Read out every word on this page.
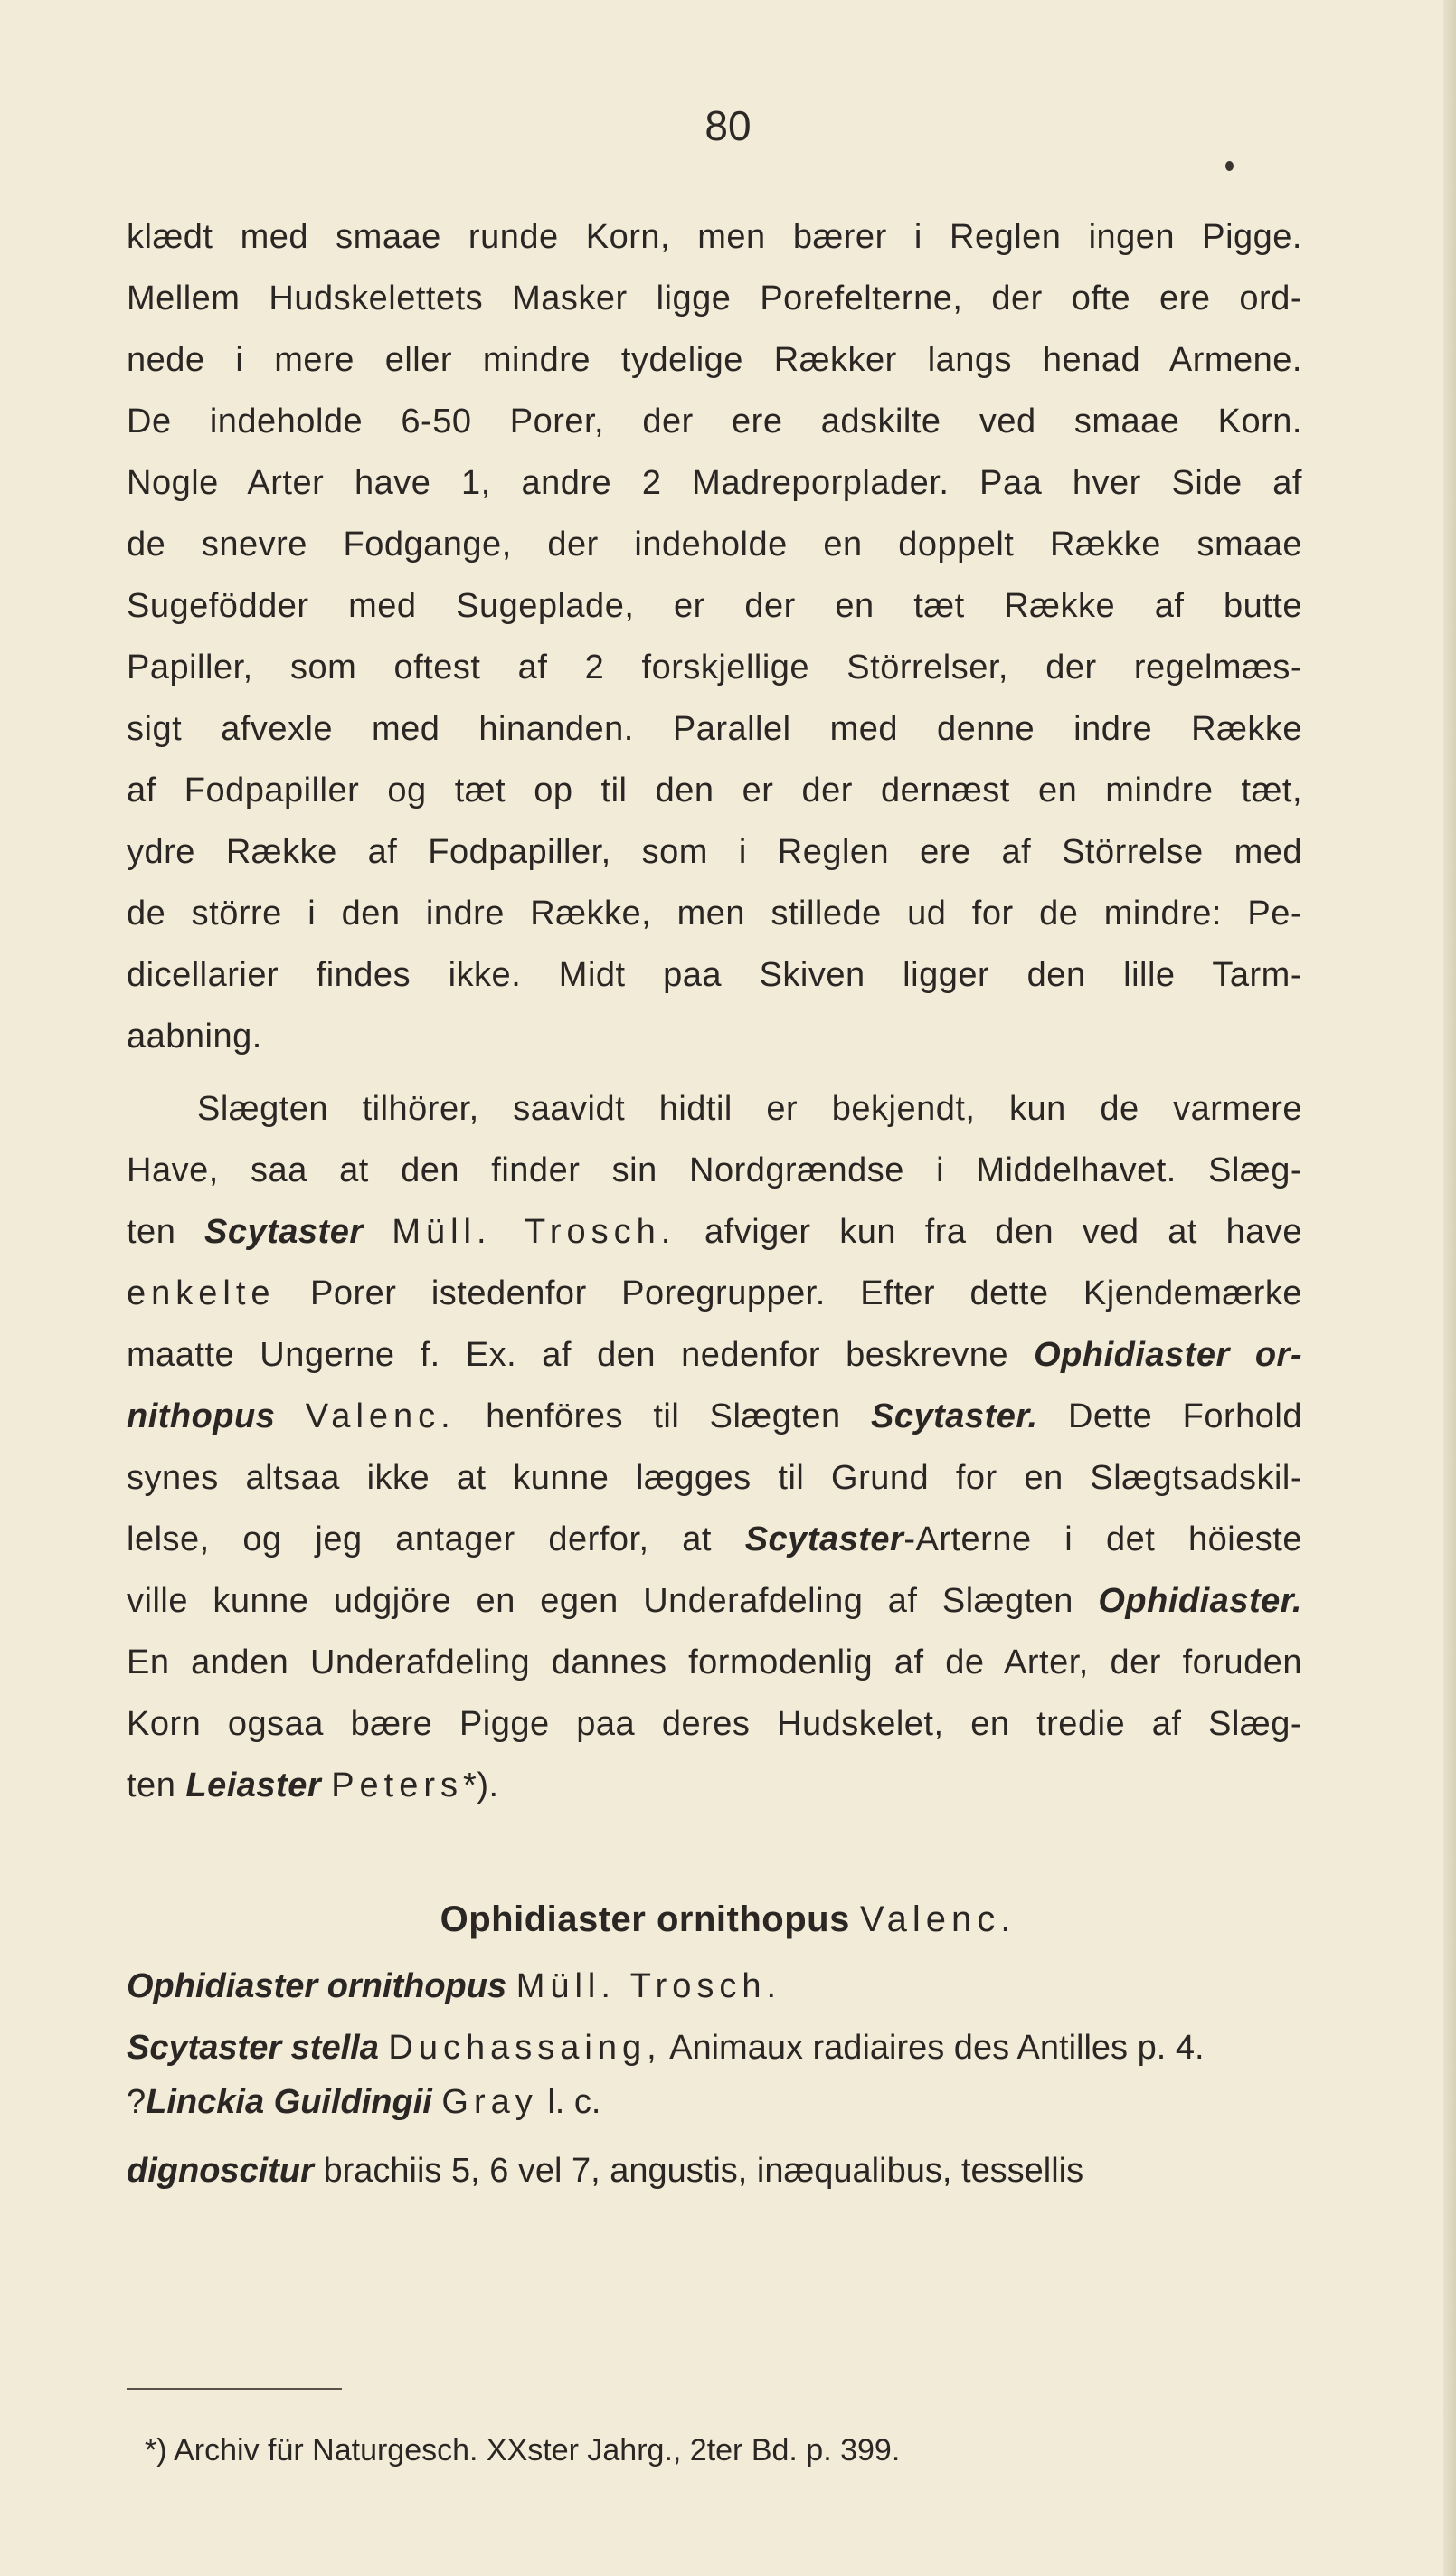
80
klædt med smaae runde Korn, men bærer i Reglen ingen Pigge.
Mellem Hudskelettets Masker ligge Porefelterne, der ofte ere ord-
nede i mere eller mindre tydelige Rækker langs henad Armene.
De indeholde 6-50 Porer, der ere adskilte ved smaae Korn.
Nogle Arter have 1, andre 2 Madreporplader. Paa hver Side af
de snevre Fodgange, der indeholde en doppelt Række smaae
Sugefödder med Sugeplade, er der en tæt Række af butte
Papiller, som oftest af 2 forskjellige Störrelser, der regelmæs-
sigt afvexle med hinanden. Parallel med denne indre Række
af Fodpapiller og tæt op til den er der dernæst en mindre tæt,
ydre Række af Fodpapiller, som i Reglen ere af Störrelse med
de större i den indre Række, men stillede ud for de mindre: Pe-
dicellarier findes ikke. Midt paa Skiven ligger den lille Tarm-
aabning.
Slægten tilhörer, saavidt hidtil er bekjendt, kun de varmere
Have, saa at den finder sin Nordgrændse i Middelhavet. Slæg-
ten Scytaster Müll. Trosch. afviger kun fra den ved at have
enkelte Porer istedenfor Poregrupper. Efter dette Kjendemærke
maatte Ungerne f. Ex. af den nedenfor beskrevne Ophidiaster or-
nithopus Valenc. henföres til Slægten Scytaster. Dette Forhold
synes altsaa ikke at kunne lægges til Grund for en Slægtsadskil-
lelse, og jeg antager derfor, at Scytaster-Arterne i det höieste
ville kunne udgjöre en egen Underafdeling af Slægten Ophidiaster.
En anden Underafdeling dannes formodenlig af de Arter, der foruden
Korn ogsaa bære Pigge paa deres Hudskelet, en tredie af Slæg-
ten Leiaster Peters*).
Ophidiaster ornithopus Valenc.
Ophidiaster ornithopus Müll. Trosch.
Scytaster stella Duchassaing, Animaux radiaires des Antilles p. 4.
?Linckia Guildingii Gray l. c.
dignoscitur brachiis 5, 6 vel 7, angustis, inæqualibus, tessellis
*) Archiv für Naturgesch. XXster Jahrg., 2ter Bd. p. 399.
